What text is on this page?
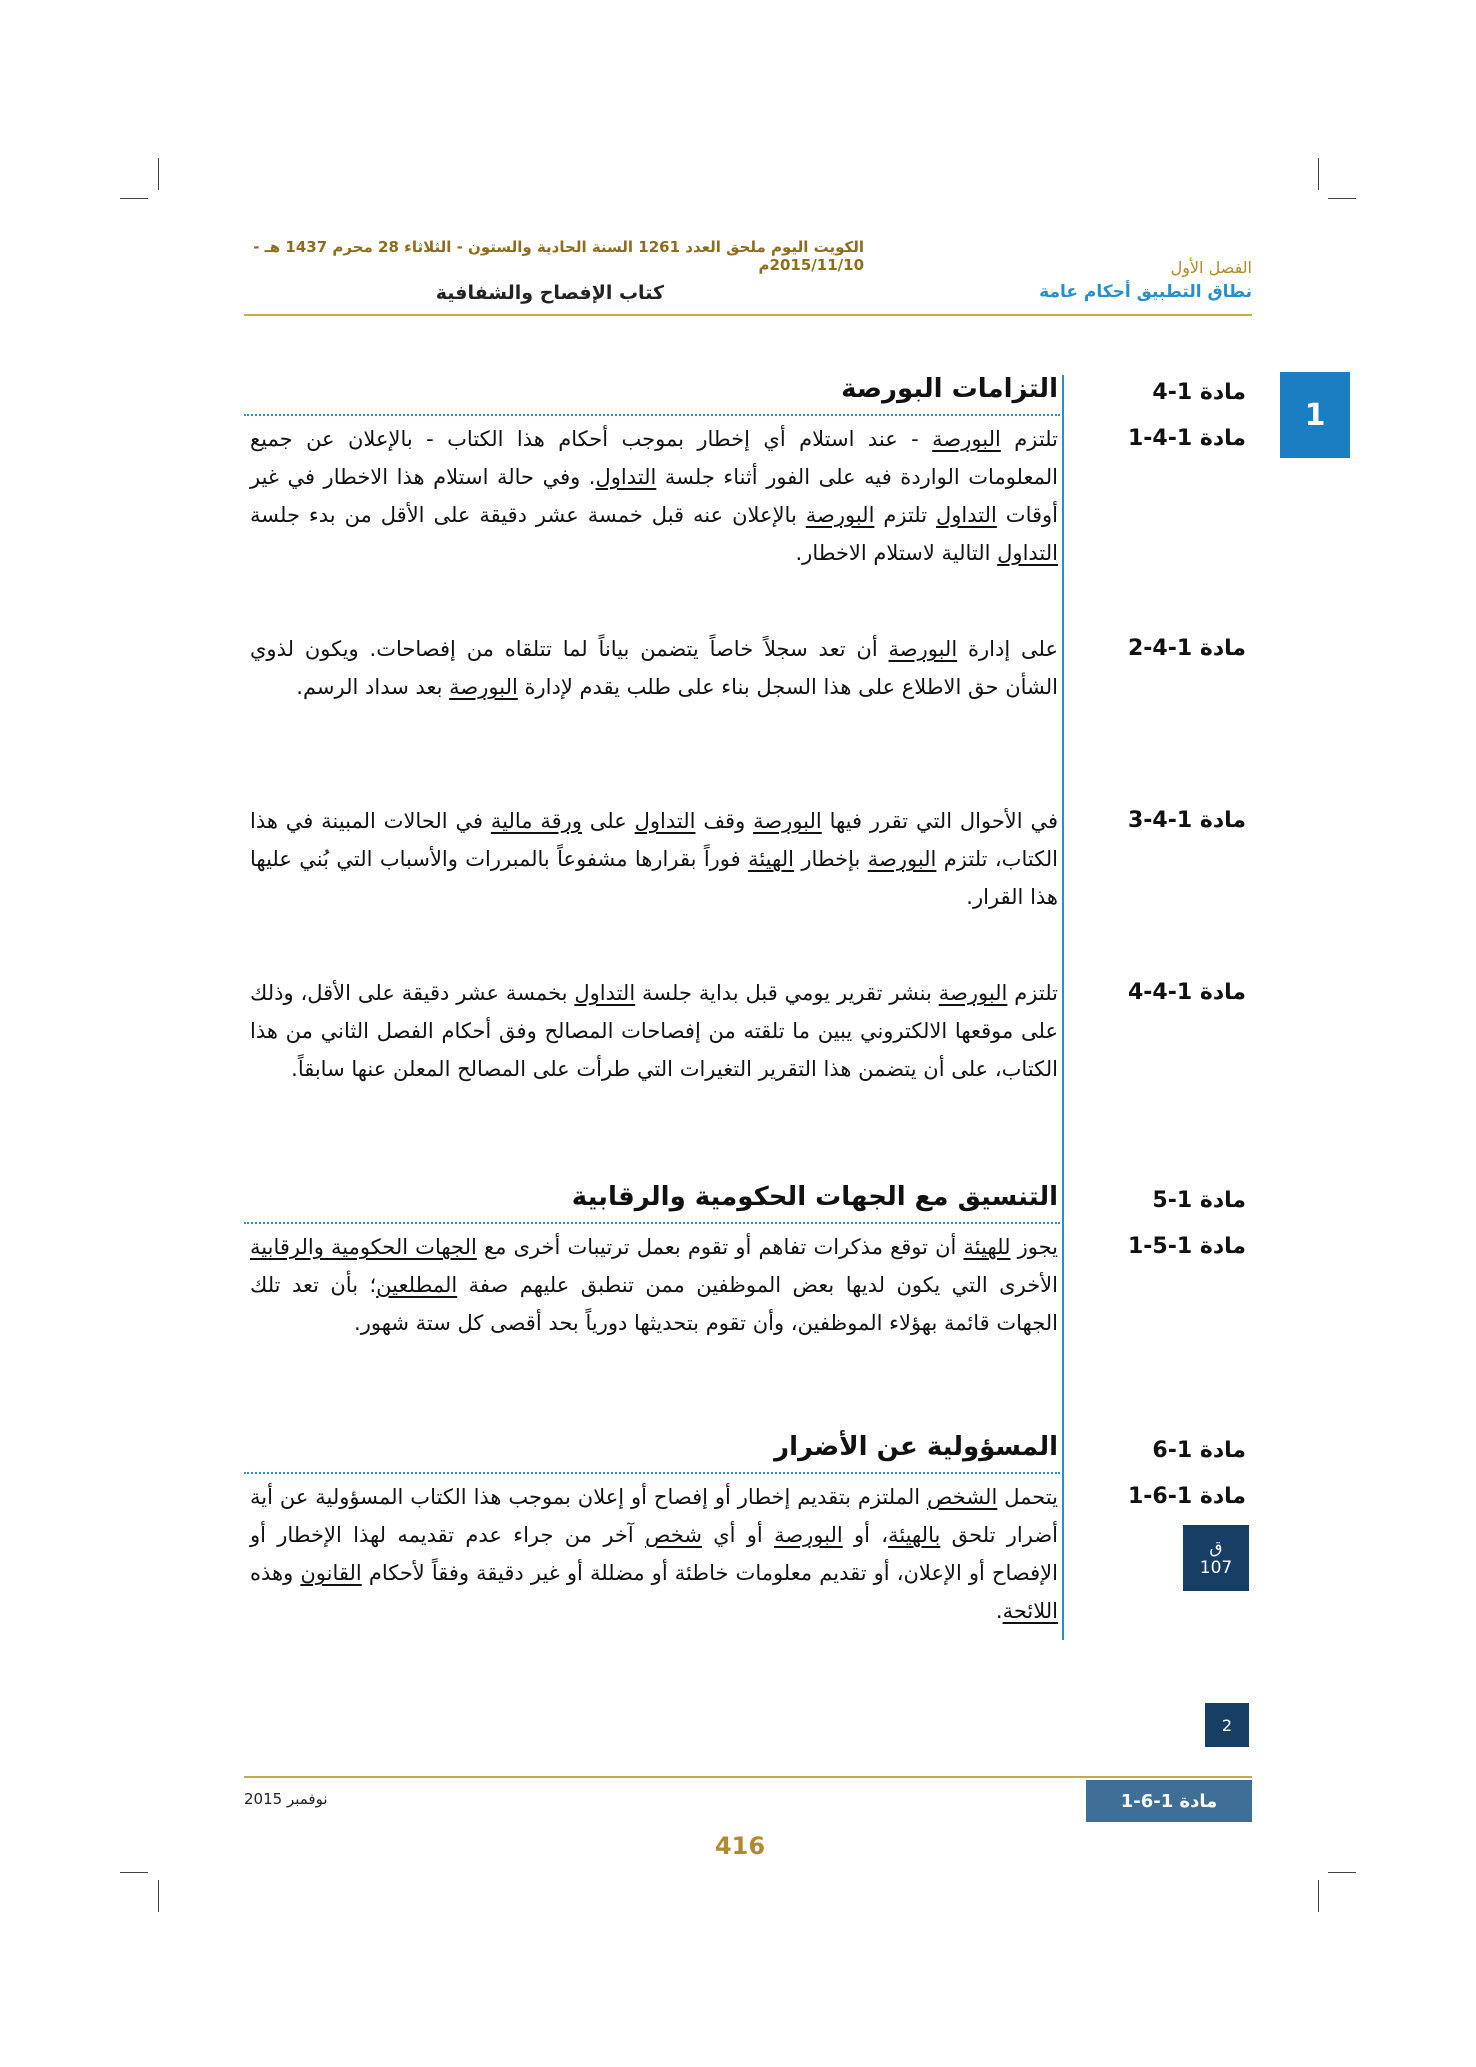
الكويت اليوم ملحق العدد 1261 السنة الحادية والستون - الثلاثاء 28 محرم 1437 هـ - 2015/11/10م	الفصل الأول
نطاق التطبيق أحكام عامة
كتاب الإفصاح والشفافية
1
مادة 1-4
التزامات البورصة
مادة 1-4-1
تلتزم البورصة - عند استلام أي إخطار بموجب أحكام هذا الكتاب - بالإعلان عن جميع المعلومات الواردة فيه على الفور أثناء جلسة التداول. وفي حالة استلام هذا الاخطار في غير أوقات التداول تلتزم البورصة بالإعلان عنه قبل خمسة عشر دقيقة على الأقل من بدء جلسة التداول التالية لاستلام الاخطار.
مادة 1-4-2
على إدارة البورصة أن تعد سجلاً خاصاً يتضمن بياناً لما تتلقاه من إفصاحات. ويكون لذوي الشأن حق الاطلاع على هذا السجل بناء على طلب يقدم لإدارة البورصة بعد سداد الرسم.
مادة 1-4-3
في الأحوال التي تقرر فيها البورصة وقف التداول على ورقة مالية في الحالات المبينة في هذا الكتاب، تلتزم البورصة بإخطار الهيئة فوراً بقرارها مشفوعاً بالمبررات والأسباب التي بُني عليها هذا القرار.
مادة 1-4-4
تلتزم البورصة بنشر تقرير يومي قبل بداية جلسة التداول بخمسة عشر دقيقة على الأقل، وذلك على موقعها الالكتروني يبين ما تلقته من إفصاحات المصالح وفق أحكام الفصل الثاني من هذا الكتاب، على أن يتضمن هذا التقرير التغيرات التي طرأت على المصالح المعلن عنها سابقاً.
مادة 1-5
التنسيق مع الجهات الحكومية والرقابية
مادة 1-5-1
يجوز للهيئة أن توقع مذكرات تفاهم أو تقوم بعمل ترتيبات أخرى مع الجهات الحكومية والرقابية الأخرى التي يكون لديها بعض الموظفين ممن تنطبق عليهم صفة المطلعين؛ بأن تعد تلك الجهات قائمة بهؤلاء الموظفين، وأن تقوم بتحديثها دورياً بحد أقصى كل ستة شهور.
مادة 1-6
المسؤولية عن الأضرار
مادة 1-6-1
يتحمل الشخص الملتزم بتقديم إخطار أو إفصاح أو إعلان بموجب هذا الكتاب المسؤولية عن أية أضرار تلحق بالهيئة، أو البورصة أو أي شخص آخر من جراء عدم تقديمه لهذا الإخطار أو الإفصاح أو الإعلان، أو تقديم معلومات خاطئة أو مضللة أو غير دقيقة وفقاً لأحكام القانون وهذه اللائحة.
ق
107
2
نوفمبر 2015	مادة 1-6-1
416
